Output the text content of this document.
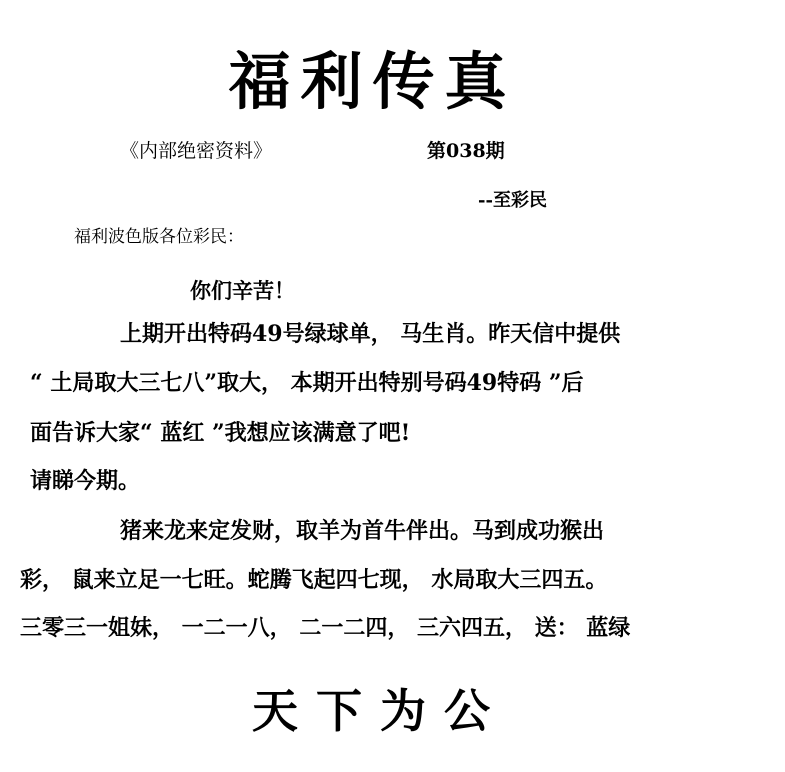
福利传真
《内部绝密资料》	第038期
--至彩民
福利波色版各位彩民：
你们辛苦！
上期开出特码49号绿球单， 马生肖。昨天信中提供
“ 土局取大三七八”取大， 本期开出特别号码49特码 ”后
面告诉大家“ 蓝红 ”我想应该满意了吧!
请睇今期。
猪来龙来定发财，取羊为首牛伴出。马到成功猴出
彩， 鼠来立足一七旺。蛇腾飞起四七现， 水局取大三四五。
三零三一姐妹， 一二一八， 二一二四， 三六四五， 送： 蓝绿
天下为公
